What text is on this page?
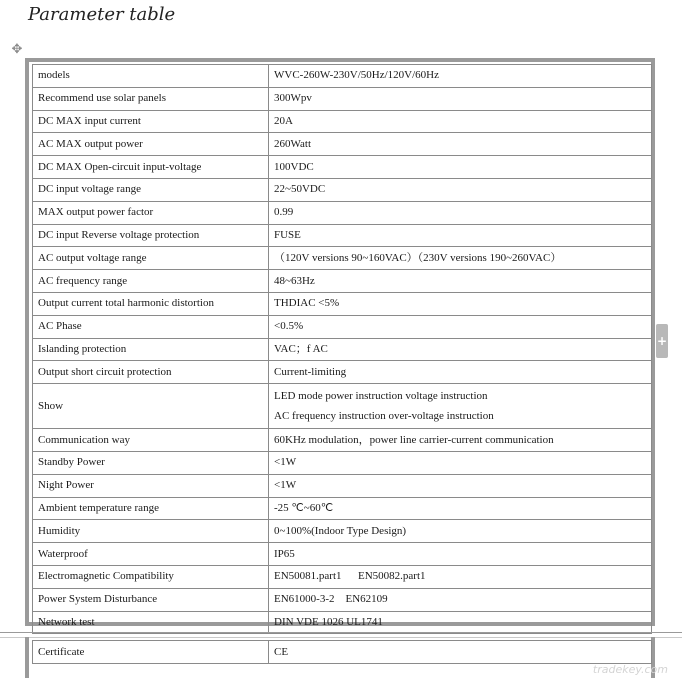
Parameter table
✥
models	WVC-260W-230V/50Hz/120V/60Hz
Recommend use solar panels	300Wpv
DC MAX input current	20A
AC MAX output power	260Watt
DC MAX Open-circuit input-voltage	100VDC
DC input voltage range	22~50VDC
MAX output power factor	0.99
DC input Reverse voltage protection	FUSE
AC output voltage range	（120V versions 90~160VAC）（230V versions 190~260VAC）
AC frequency range	48~63Hz
Output current total harmonic distortion	THDIAC <5%
AC Phase	<0.5%
Islanding protection	VAC；f AC
Output short circuit protection	Current-limiting
Show	LED mode power instruction voltage instruction
AC frequency instruction over-voltage instruction

Communication way	60KHz modulation，power line carrier-current communication
Standby Power	<1W
Night Power	<1W
Ambient temperature range	-25 ℃~60℃
Humidity	0~100%(Indoor Type Design)
Waterproof	IP65
Electromagnetic Compatibility	EN50081.part1      EN50082.part1
Power System Disturbance	EN61000-3-2    EN62109
Network test	DIN VDE 1026 UL1741
Certificate	CE
+
tradekey.com
